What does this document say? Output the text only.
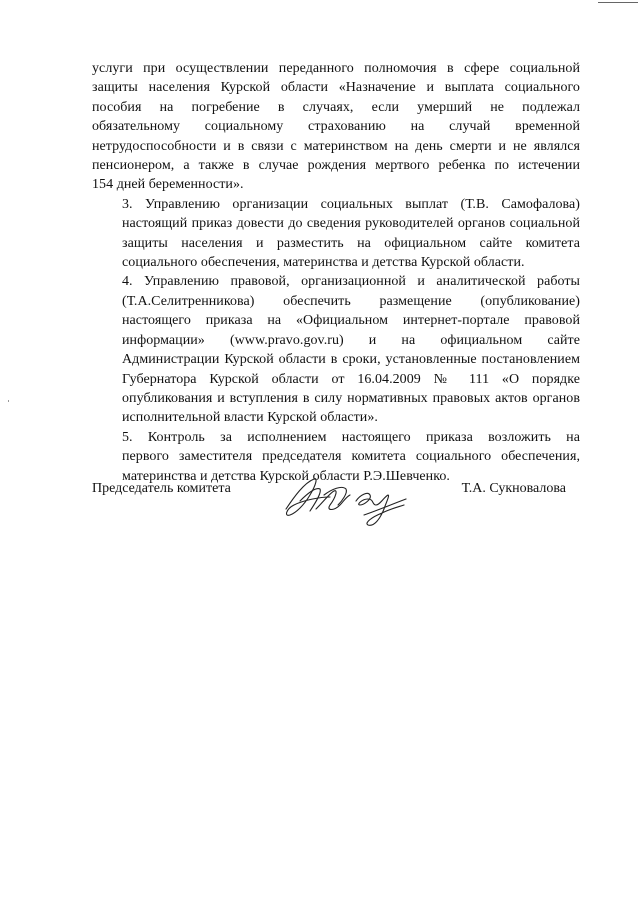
услуги при осуществлении переданного полномочия в сфере социальной
защиты населения Курской области «Назначение и выплата социального
пособия на погребение в случаях, если умерший не подлежал
обязательному социальному страхованию на случай временной
нетрудоспособности и в связи с материнством на день смерти и не являлся
пенсионером, а также в случае рождения мертвого ребенка по истечении
154 дней беременности».

3. Управлению организации социальных выплат (Т.В. Самофалова)
настоящий приказ довести до сведения руководителей органов социальной
защиты населения и разместить на официальном сайте комитета
социального обеспечения, материнства и детства Курской области.

4. Управлению правовой, организационной и аналитической работы
(Т.А.Селитренникова) обеспечить размещение (опубликование)
настоящего приказа на «Официальном интернет-портале правовой
информации» (www.pravo.gov.ru) и на официальном сайте
Администрации Курской области в сроки, установленные постановлением
Губернатора Курской области от 16.04.2009 № 111 «О порядке
опубликования и вступления в силу нормативных правовых актов органов
исполнительной власти Курской области».

5. Контроль за исполнением настоящего приказа возложить на
первого заместителя председателя комитета социального обеспечения,
материнства и детства Курской области Р.Э.Шевченко.

Председатель комитета	Т.А. Сукновалова
